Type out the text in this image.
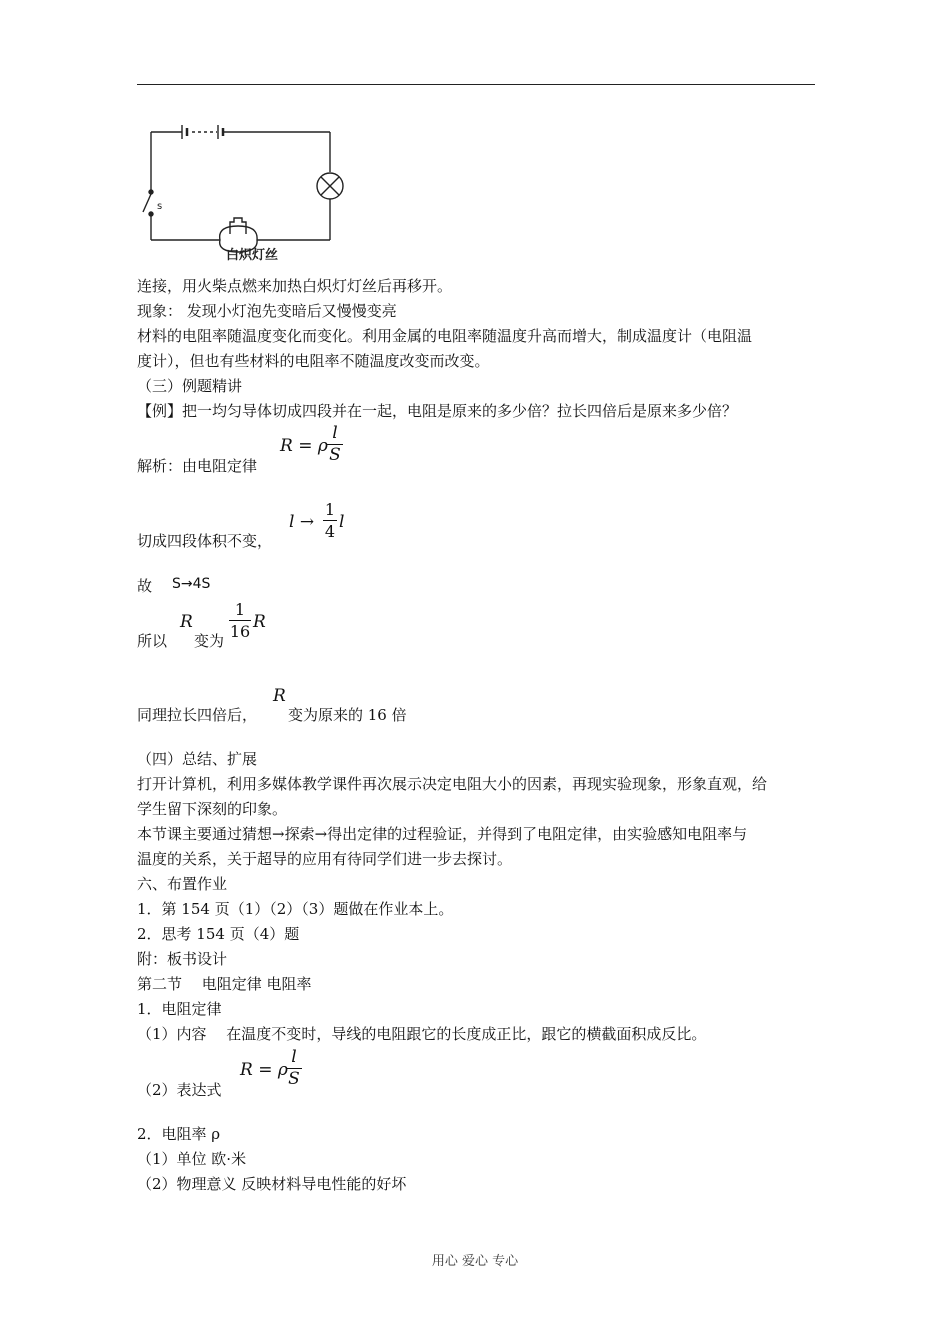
s
白炽灯丝
连接，用火柴点燃来加热白炽灯灯丝后再移开。
现象： 发现小灯泡先变暗后又慢慢变亮
材料的电阻率随温度变化而变化。利用金属的电阻率随温度升高而增大，制成温度计（电阻温
度计），但也有些材料的电阻率不随温度改变而改变。
（三）例题精讲
【例】把一均匀导体切成四段并在一起，电阻是原来的多少倍？拉长四倍后是原来多少倍？
R = ρ
l
S
解析：由电阻定律
l →
1
4 l
切成四段体积不变，
故 S→4S
R
1
16 R
所以 变为
R
同理拉长四倍后， 变为原来的 16 倍
（四）总结、扩展
打开计算机，利用多媒体教学课件再次展示决定电阻大小的因素，再现实验现象，形象直观，给
学生留下深刻的印象。
本节课主要通过猜想→探索→得出定律的过程验证，并得到了电阻定律，由实验感知电阻率与
温度的关系，关于超导的应用有待同学们进一步去探讨。
六、布置作业
1．第 154 页（1）（2）（3）题做在作业本上。
2．思考 154 页（4）题
附：板书设计
第二节　 电阻定律 电阻率
1．电阻定律
（1）内容　 在温度不变时，导线的电阻跟它的长度成正比，跟它的横截面积成反比。
R = ρ
l
S
（2）表达式
2．电阻率 ρ
（1）单位 欧·米
（2）物理意义 反映材料导电性能的好坏
用心 爱心 专心
